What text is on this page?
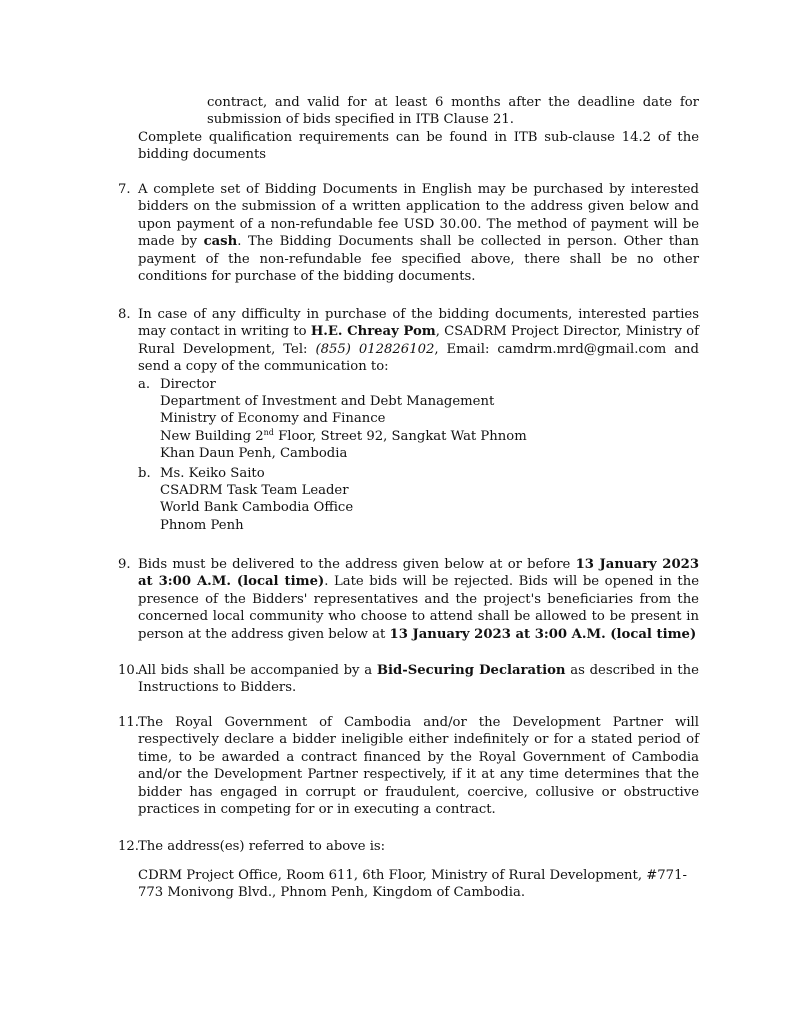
contract, and valid for at least 6 months after the deadline date for submission of bids specified in ITB Clause 21.

Complete qualification requirements can be found in ITB sub-clause 14.2 of the bidding documents

7. A complete set of Bidding Documents in English may be purchased by interested bidders on the submission of a written application to the address given below and upon payment of a non-refundable fee USD 30.00. The method of payment will be made by cash. The Bidding Documents shall be collected in person. Other than payment of the non-refundable fee specified above, there shall be no other conditions for purchase of the bidding documents.

8. In case of any difficulty in purchase of the bidding documents, interested parties may contact in writing to H.E. Chreay Pom, CSADRM Project Director, Ministry of Rural Development, Tel: (855) 012826102, Email: camdrm.mrd@gmail.com and send a copy of the communication to:

a. Director
Department of Investment and Debt Management
Ministry of Economy and Finance
New Building 2nd Floor, Street 92, Sangkat Wat Phnom
Khan Daun Penh, Cambodia
b. Ms. Keiko Saito
CSADRM Task Team Leader
World Bank Cambodia Office
Phnom Penh
9. Bids must be delivered to the address given below at or before 13 January 2023 at 3:00 A.M. (local time). Late bids will be rejected. Bids will be opened in the presence of the Bidders' representatives and the project's beneficiaries from the concerned local community who choose to attend shall be allowed to be present in person at the address given below at 13 January 2023 at 3:00 A.M. (local time)

10. All bids shall be accompanied by a Bid-Securing Declaration as described in the Instructions to Bidders.

11. The Royal Government of Cambodia and/or the Development Partner will respectively declare a bidder ineligible either indefinitely or for a stated period of time, to be awarded a contract financed by the Royal Government of Cambodia and/or the Development Partner respectively, if it at any time determines that the bidder has engaged in corrupt or fraudulent, coercive, collusive or obstructive practices in competing for or in executing a contract.

12. The address(es) referred to above is:

CDRM Project Office, Room 611, 6th Floor, Ministry of Rural Development, #771-773 Monivong Blvd., Phnom Penh, Kingdom of Cambodia.
